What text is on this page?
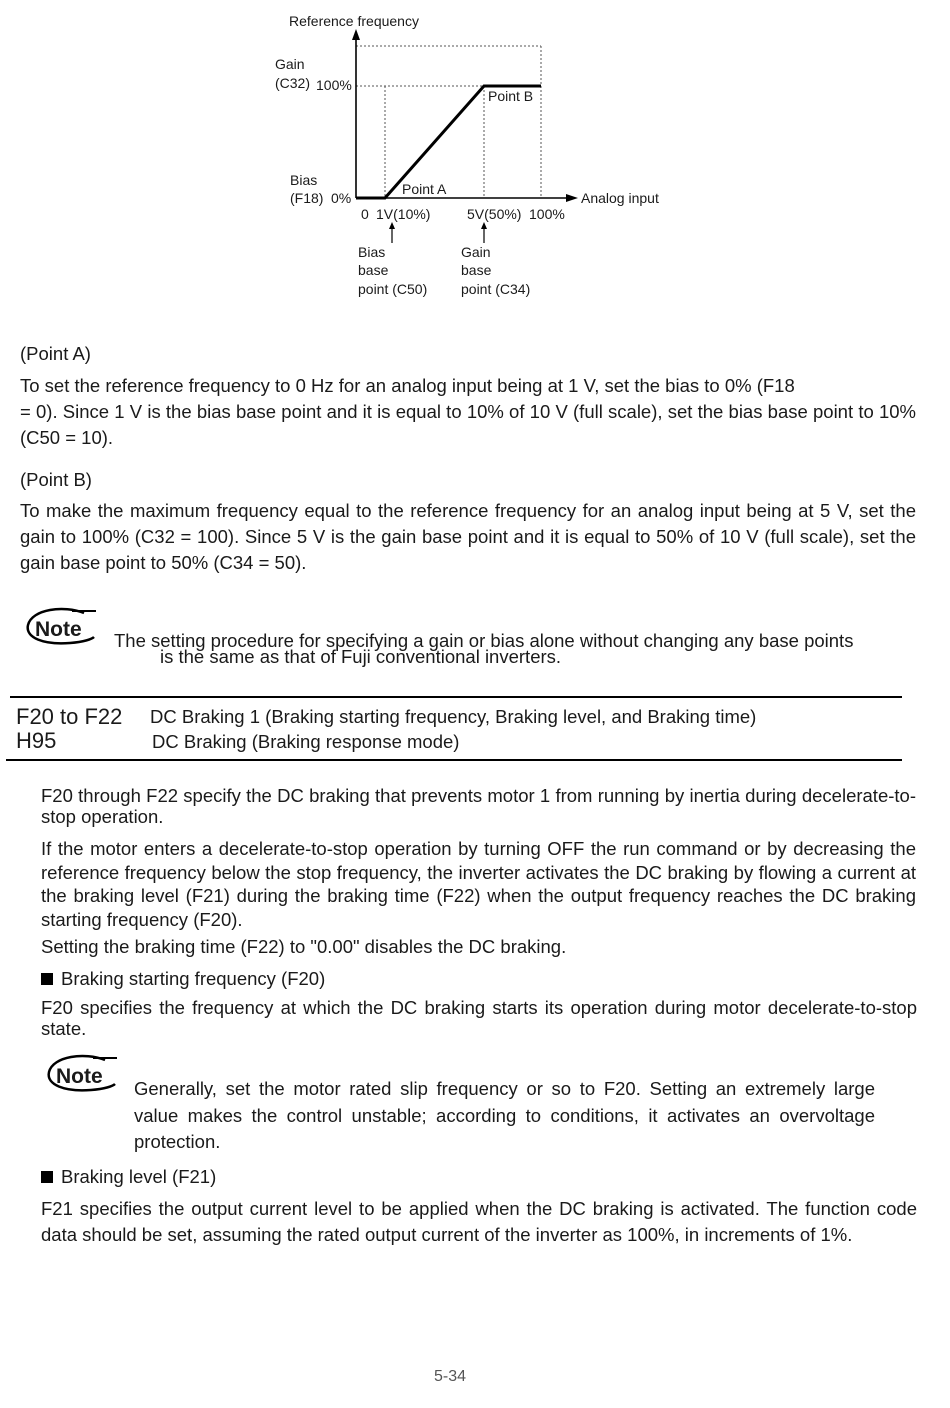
Reference frequency
Gain
(C32) 100%
Bias
(F18) 0%
Point A
Point B
Analog input
0 1V(10%)	5V(50%) 100%
Bias
base
point (C50)
Gain
base
point (C34)
(Point A)
To set the reference frequency to 0 Hz for an analog input being at 1 V, set the bias to 0% (F18
= 0). Since 1 V is the bias base point and it is equal to 10% of 10 V (full scale), set the bias base point to 10% (C50 = 10).
(Point B)
To make the maximum frequency equal to the reference frequency for an analog input being at 5 V, set the gain to 100% (C32 = 100). Since 5 V is the gain base point and it is equal to 50% of 10 V (full scale), set the gain base point to 50% (C34 = 50).
Note The setting procedure for specifying a gain or bias alone without changing any base points
is the same as that of Fuji conventional inverters.
F20 to F22
H95
DC Braking 1 (Braking starting frequency, Braking level, and Braking time)
DC Braking (Braking response mode)
F20 through F22 specify the DC braking that prevents motor 1 from running by inertia during decelerate-to-stop operation.
If the motor enters a decelerate-to-stop operation by turning OFF the run command or by decreasing the reference frequency below the stop frequency, the inverter activates the DC braking by flowing a current at the braking level (F21) during the braking time (F22) when the output frequency reaches the DC braking starting frequency (F20).
Setting the braking time (F22) to "0.00" disables the DC braking.
Braking starting frequency (F20)
F20 specifies the frequency at which the DC braking starts its operation during motor decelerate-to-stop state.
Note
Generally, set the motor rated slip frequency or so to F20. Setting an extremely large value makes the control unstable; according to conditions, it activates an overvoltage protection.
Braking level (F21)
F21 specifies the output current level to be applied when the DC braking is activated. The function code data should be set, assuming the rated output current of the inverter as 100%, in increments of 1%.
5-34
